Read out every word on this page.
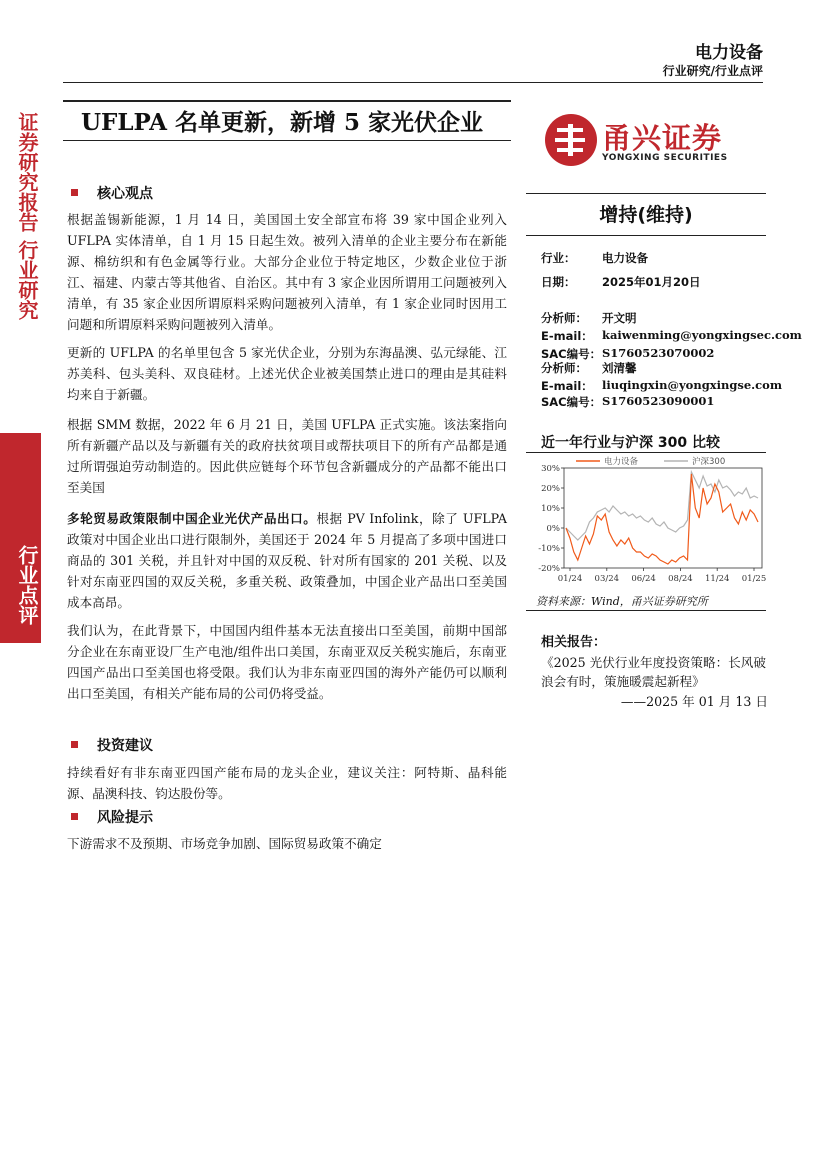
证券研究报告
行业研究
行业点评
电力设备
行业研究/行业点评
UFLPA 名单更新，新增 5 家光伏企业	甬兴证券
YONGXING SECURITIES
核心观点
根据盖锡新能源，1 月 14 日，美国国土安全部宣布将 39 家中国企业列入 UFLPA 实体清单，自 1 月 15 日起生效。被列入清单的企业主要分布在新能源、棉纺织和有色金属等行业。大部分企业位于特定地区，少数企业位于浙江、福建、内蒙古等其他省、自治区。其中有 3 家企业因所谓用工问题被列入清单，有 35 家企业因所谓原料采购问题被列入清单，有 1 家企业同时因用工问题和所谓原料采购问题被列入清单。
更新的 UFLPA 的名单里包含 5 家光伏企业，分别为东海晶澳、弘元绿能、江苏美科、包头美科、双良硅材。上述光伏企业被美国禁止进口的理由是其硅料均来自于新疆。
根据 SMM 数据，2022 年 6 月 21 日，美国 UFLPA 正式实施。该法案指向所有新疆产品以及与新疆有关的政府扶贫项目或帮扶项目下的所有产品都是通过所谓强迫劳动制造的。因此供应链每个环节包含新疆成分的产品都不能出口至美国
多轮贸易政策限制中国企业光伏产品出口。根据 PV Infolink，除了 UFLPA 政策对中国企业出口进行限制外，美国还于 2024 年 5 月提高了多项中国进口商品的 301 关税，并且针对中国的双反税、针对所有国家的 201 关税、以及针对东南亚四国的双反关税，多重关税、政策叠加，中国企业产品出口至美国成本高昂。
我们认为，在此背景下，中国国内组件基本无法直接出口至美国，前期中国部分企业在东南亚设厂生产电池/组件出口美国，东南亚双反关税实施后，东南亚四国产品出口至美国也将受限。我们认为非东南亚四国的海外产能仍可以顺利出口至美国，有相关产能布局的公司仍将受益。
投资建议
持续看好有非东南亚四国产能布局的龙头企业，建议关注：阿特斯、晶科能源、晶澳科技、钧达股份等。
风险提示
下游需求不及预期、市场竞争加剧、国际贸易政策不确定
增持(维持)
行业： 电力设备
日期： 2025年01月20日
分析师： 开文明
E-mail： kaiwenming@yongxingsec.com
SAC编号： S1760523070002
分析师： 刘清馨
E-mail： liuqingxin@yongxingse.com
SAC编号： S1760523090001
近一年行业与沪深 300 比较
30%
20%
10%
0%
-10%
-20%
01/24 03/24 06/24 08/24 11/24 01/25
电力设备	沪深300
资料来源：Wind，甬兴证券研究所
相关报告：
《2025 光伏行业年度投资策略：长风破浪会有时，策施暖震起新程》
——2025 年 01 月 13 日
